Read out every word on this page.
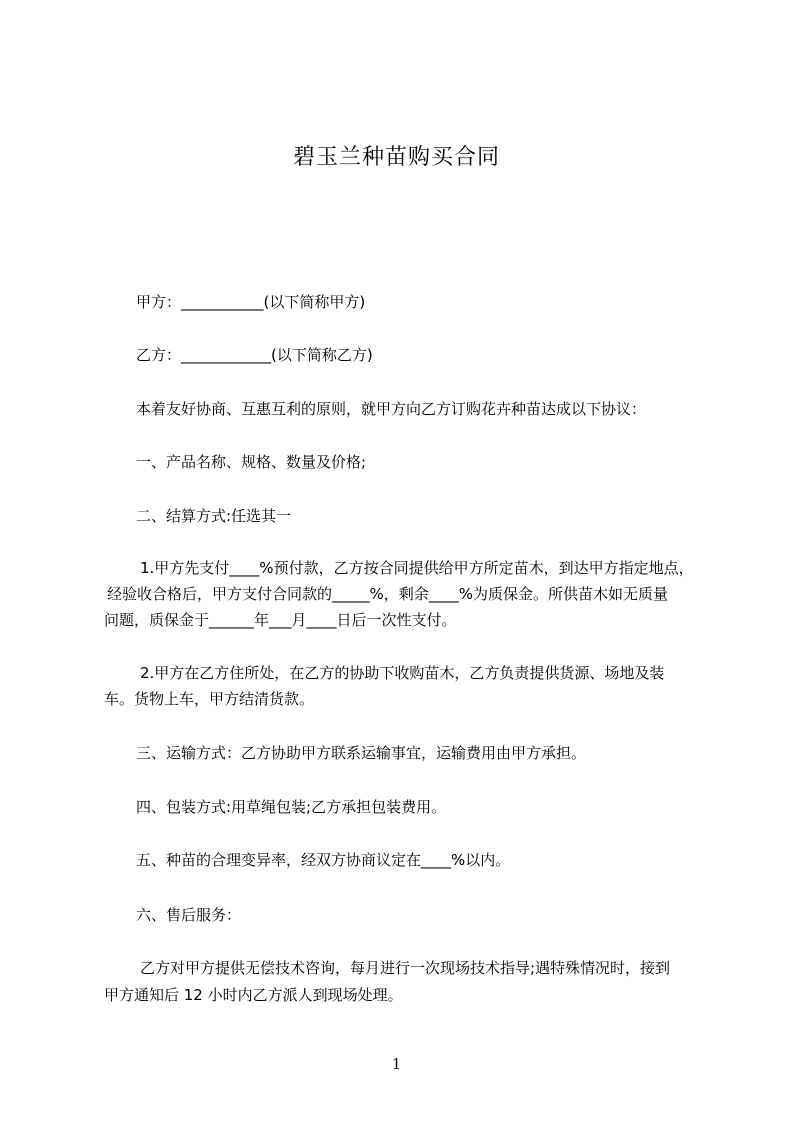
碧玉兰种苗购买合同
甲方：___________(以下简称甲方)
乙方：____________(以下简称乙方)
本着友好协商、互惠互利的原则，就甲方向乙方订购花卉种苗达成以下协议：
一、产品名称、规格、数量及价格;
二、结算方式:任选其一
1.甲方先支付____%预付款，乙方按合同提供给甲方所定苗木，到达甲方指定地点，
经验收合格后，甲方支付合同款的_____%，剩余____%为质保金。所供苗木如无质量
问题，质保金于______年___月____日后一次性支付。
2.甲方在乙方住所处，在乙方的协助下收购苗木，乙方负责提供货源、场地及装
车。货物上车，甲方结清货款。
三、运输方式：乙方协助甲方联系运输事宜，运输费用由甲方承担。
四、包装方式:用草绳包装;乙方承担包装费用。
五、种苗的合理变异率，经双方协商议定在____%以内。
六、售后服务：
乙方对甲方提供无偿技术咨询，每月进行一次现场技术指导;遇特殊情况时，接到
甲方通知后 12 小时内乙方派人到现场处理。
1
